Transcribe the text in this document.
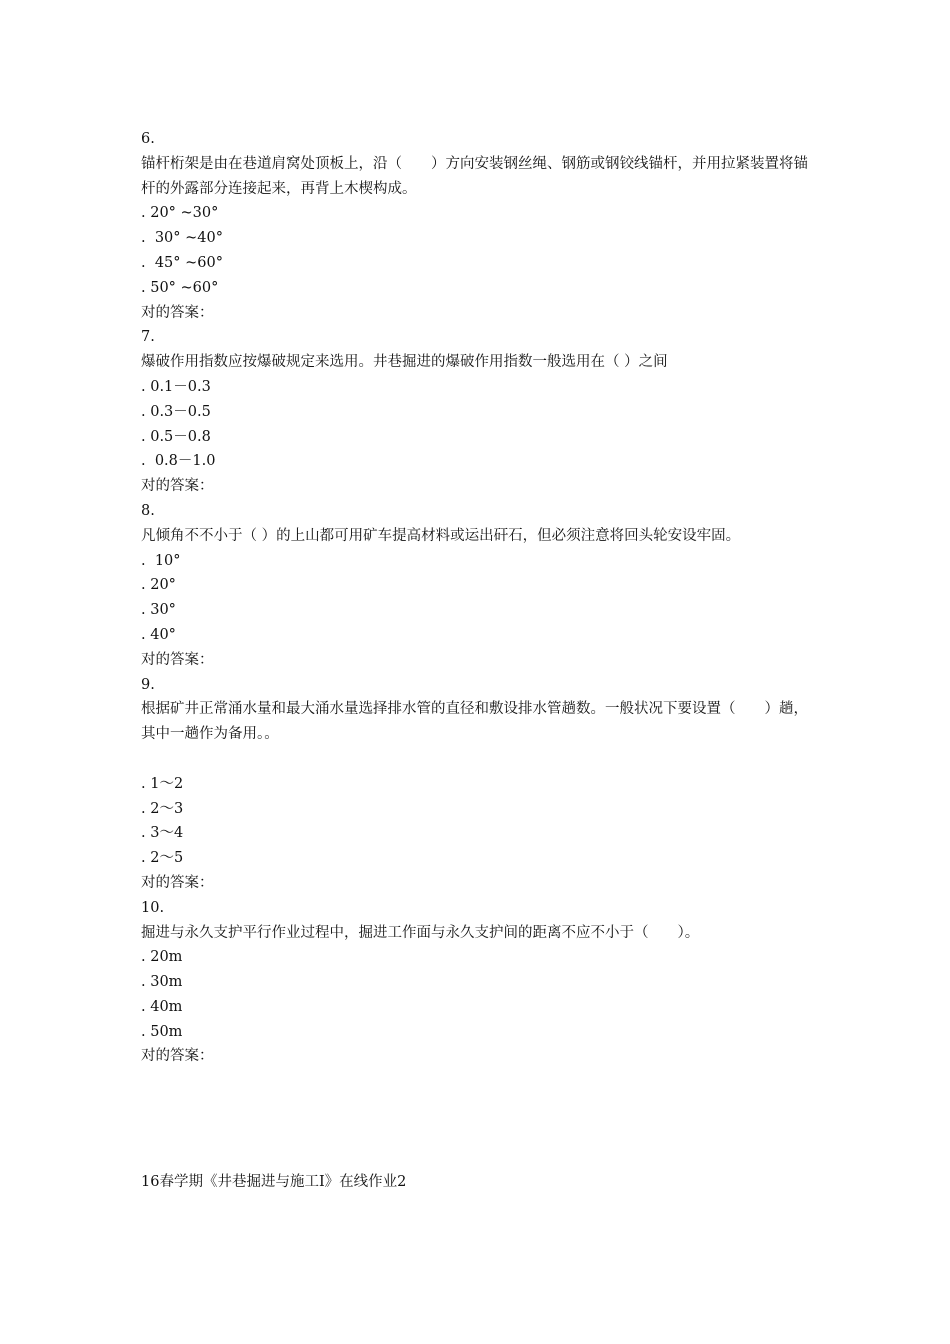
6.
锚杆桁架是由在巷道肩窝处顶板上，沿（　　）方向安装钢丝绳、钢筋或钢铰线锚杆，并用拉紧装置将锚杆的外露部分连接起来，再背上木楔构成。
. 20° ~30°
.  30° ~40°
.  45° ~60°
. 50° ~60°
对的答案：
7.
爆破作用指数应按爆破规定来选用。井巷掘进的爆破作用指数一般选用在（ ）之间
. 0.1－0.3
. 0.3－0.5
. 0.5－0.8
.  0.8－1.0
对的答案：
8.
凡倾角不不小于（ ）的上山都可用矿车提高材料或运出矸石，但必须注意将回头轮安设牢固。
.  10°
. 20°
. 30°
. 40°
对的答案：
9.
根据矿井正常涌水量和最大涌水量选择排水管的直径和敷设排水管趟数。一般状况下要设置（　　）趟，其中一趟作为备用。。
. 1～2
. 2～3
. 3～4
. 2～5
对的答案：
10.
掘进与永久支护平行作业过程中，掘进工作面与永久支护间的距离不应不小于（　　）。
. 20m
. 30m
. 40m
. 50m
对的答案：
16春学期《井巷掘进与施工Ⅰ》在线作业2
